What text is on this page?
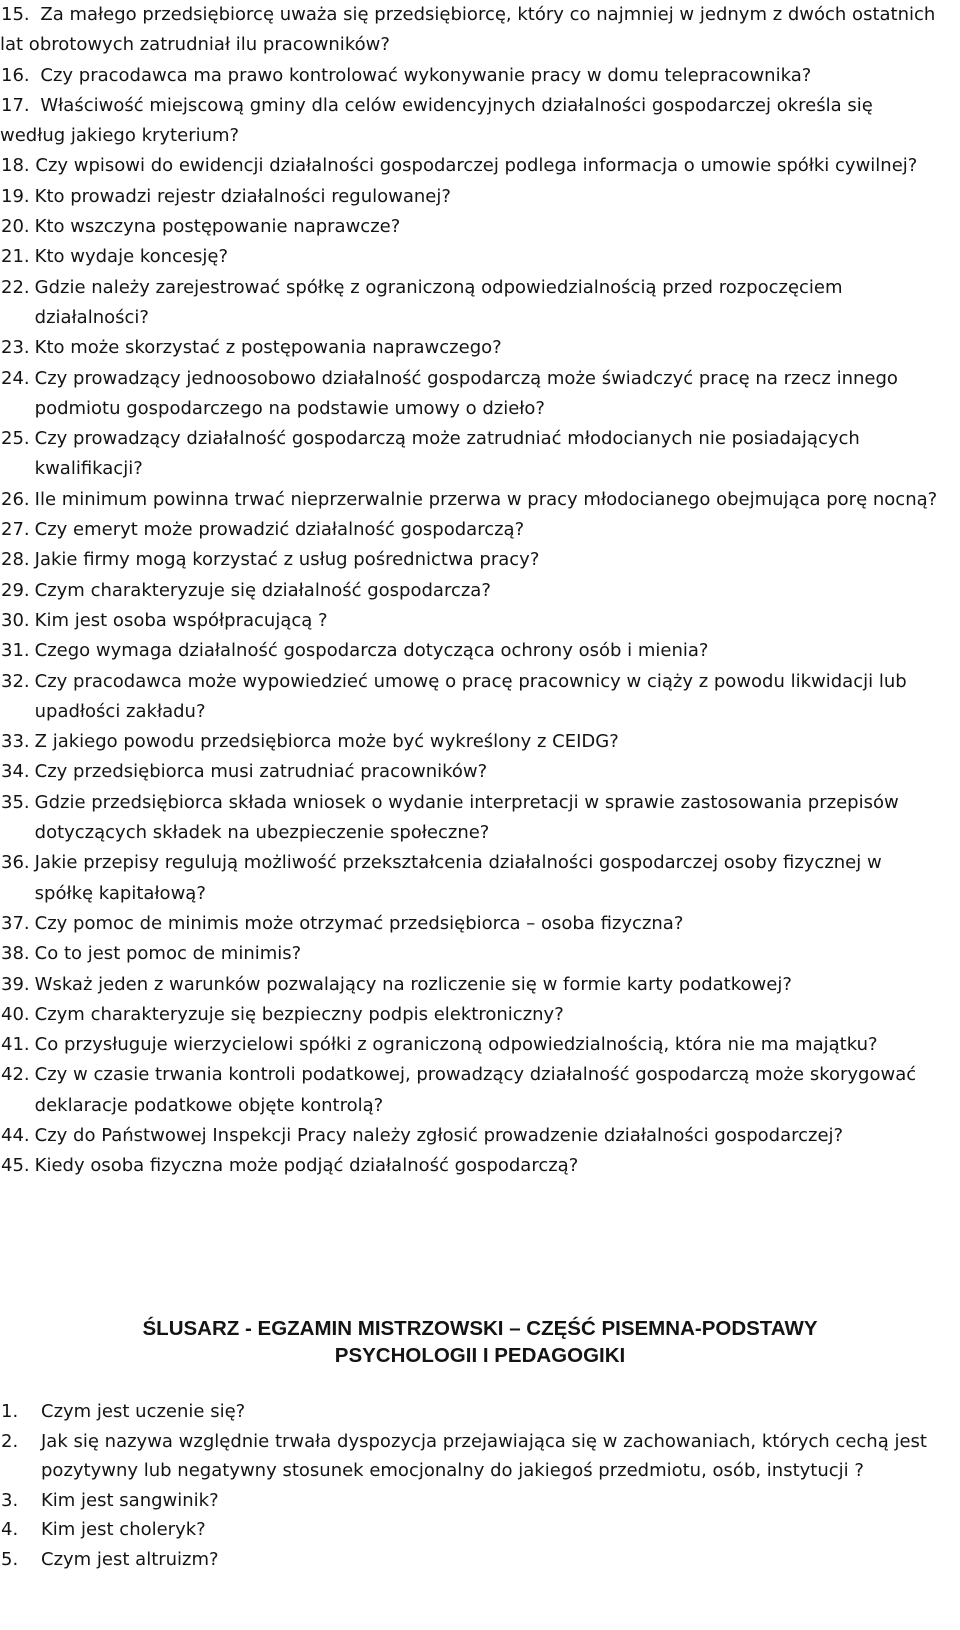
15. Za małego przedsiębiorcę uważa się przedsiębiorcę, który co najmniej w jednym z dwóch ostatnich lat obrotowych zatrudniał ilu pracowników?
16. Czy pracodawca ma prawo kontrolować wykonywanie pracy w domu telepracownika?
17. Właściwość miejscową gminy dla celów ewidencyjnych działalności gospodarczej określa się według jakiego kryterium?
18. Czy wpisowi do ewidencji działalności gospodarczej podlega informacja o umowie spółki cywilnej?
19. Kto prowadzi rejestr działalności regulowanej?
20. Kto wszczyna postępowanie naprawcze?
21. Kto wydaje koncesję?
22. Gdzie należy zarejestrować spółkę z ograniczoną odpowiedzialnością przed rozpoczęciem działalności?
23. Kto może skorzystać z postępowania naprawczego?
24. Czy prowadzący jednoosobowo działalność gospodarczą może świadczyć pracę na rzecz innego podmiotu gospodarczego na podstawie umowy o dzieło?
25. Czy prowadzący działalność gospodarczą może zatrudniać młodocianych nie posiadających kwalifikacji?
26. Ile minimum powinna trwać nieprzerwalnie przerwa w pracy młodocianego obejmująca porę nocną?
27. Czy emeryt może prowadzić działalność gospodarczą?
28. Jakie firmy mogą korzystać z usług pośrednictwa pracy?
29. Czym charakteryzuje się działalność gospodarcza?
30. Kim jest osoba współpracującą ?
31. Czego wymaga działalność gospodarcza dotycząca ochrony osób i mienia?
32. Czy pracodawca może wypowiedzieć umowę o pracę pracownicy w ciąży z powodu likwidacji lub upadłości zakładu?
33. Z jakiego powodu przedsiębiorca może być wykreślony z CEIDG?
34. Czy przedsiębiorca musi zatrudniać pracowników?
35. Gdzie przedsiębiorca składa wniosek o wydanie interpretacji w sprawie zastosowania przepisów dotyczących składek na ubezpieczenie społeczne?
36. Jakie przepisy regulują możliwość przekształcenia działalności gospodarczej osoby fizycznej w spółkę kapitałową?
37. Czy pomoc de minimis może otrzymać przedsiębiorca – osoba fizyczna?
38. Co to jest pomoc de minimis?
39. Wskaż jeden z warunków pozwalający na rozliczenie się w formie karty podatkowej?
40. Czym charakteryzuje się bezpieczny podpis elektroniczny?
41. Co przysługuje wierzycielowi spółki z ograniczoną odpowiedzialnością, która nie ma majątku?
42. Czy w czasie trwania kontroli podatkowej, prowadzący działalność gospodarczą może skorygować deklaracje podatkowe objęte kontrolą?
44. Czy do Państwowej Inspekcji Pracy należy zgłosić prowadzenie działalności gospodarczej?
45. Kiedy osoba fizyczna może podjąć działalność gospodarczą?
ŚLUSARZ - EGZAMIN MISTRZOWSKI – CZĘŚĆ PISEMNA-PODSTAWY
PSYCHOLOGII I PEDAGOGIKI
1.	Czym jest uczenie się?
2.	Jak się nazywa względnie trwała dyspozycja przejawiająca się w zachowaniach, których cechą jest pozytywny lub negatywny stosunek emocjonalny do jakiegoś przedmiotu, osób, instytucji ?
3.	Kim jest sangwinik?
4.	Kim jest choleryk?
5.	Czym jest altruizm?
